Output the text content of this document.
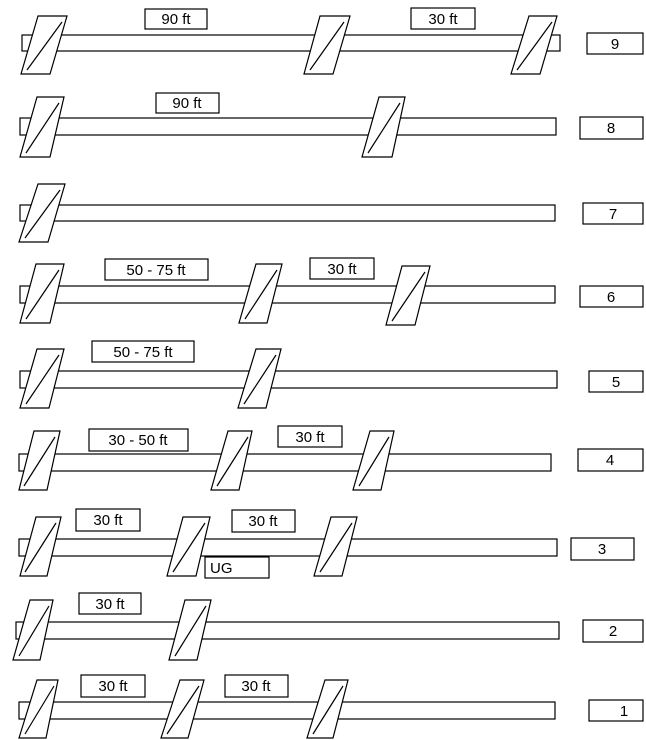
90 ft	30 ft
9
90 ft
8
7
50 - 75 ft	30 ft
6
50 - 75 ft
5
30 - 50 ft	30 ft
4
30 ft	30 ft
UG
3
30 ft
2
30 ft	30 ft
1
